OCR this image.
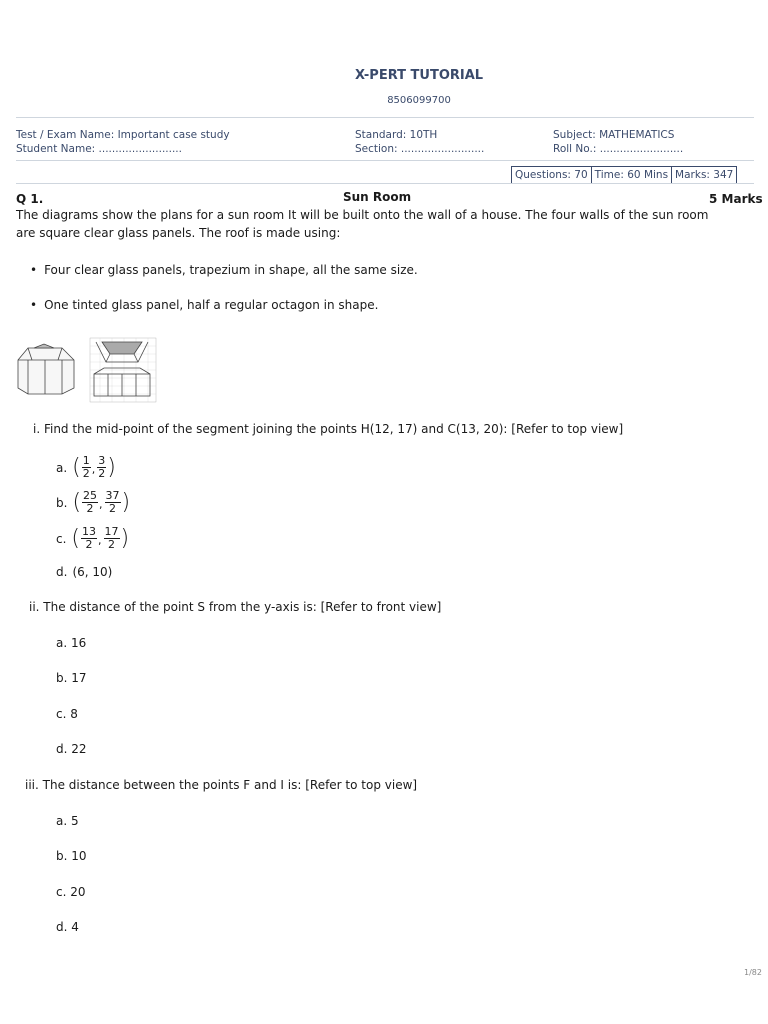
X-PERT TUTORIAL
8506099700
Test / Exam Name: Important case study
Student Name: .........................
Standard: 10TH
Section: .........................
Subject: MATHEMATICS
Roll No.: .........................
Questions: 70 Time: 60 Mins Marks: 347
Q 1.	Sun Room	5 Marks
The diagrams show the plans for a sun room It will be built onto the wall of a house. The four walls of the sun room are square clear glass panels. The roof is made using:
• Four clear glass panels, trapezium in shape, all the same size.
• One tinted glass panel, half a regular octagon in shape.
i. Find the mid-point of the segment joining the points H(12, 17) and C(13, 20): [Refer to top view]
a. ( $\frac{1}{2}$ , $\frac{3}{2}$ )
b. ( $\frac{25}{2}$ , $\frac{37}{2}$ )
c. ( $\frac{13}{2}$ , $\frac{17}{2}$ )
d. (6, 10)
ii. The distance of the point S from the y-axis is: [Refer to front view]
a. 16
b. 17
c. 8
d. 22
iii. The distance between the points F and I is: [Refer to top view]
a. 5
b. 10
c. 20
d. 4
1/82
